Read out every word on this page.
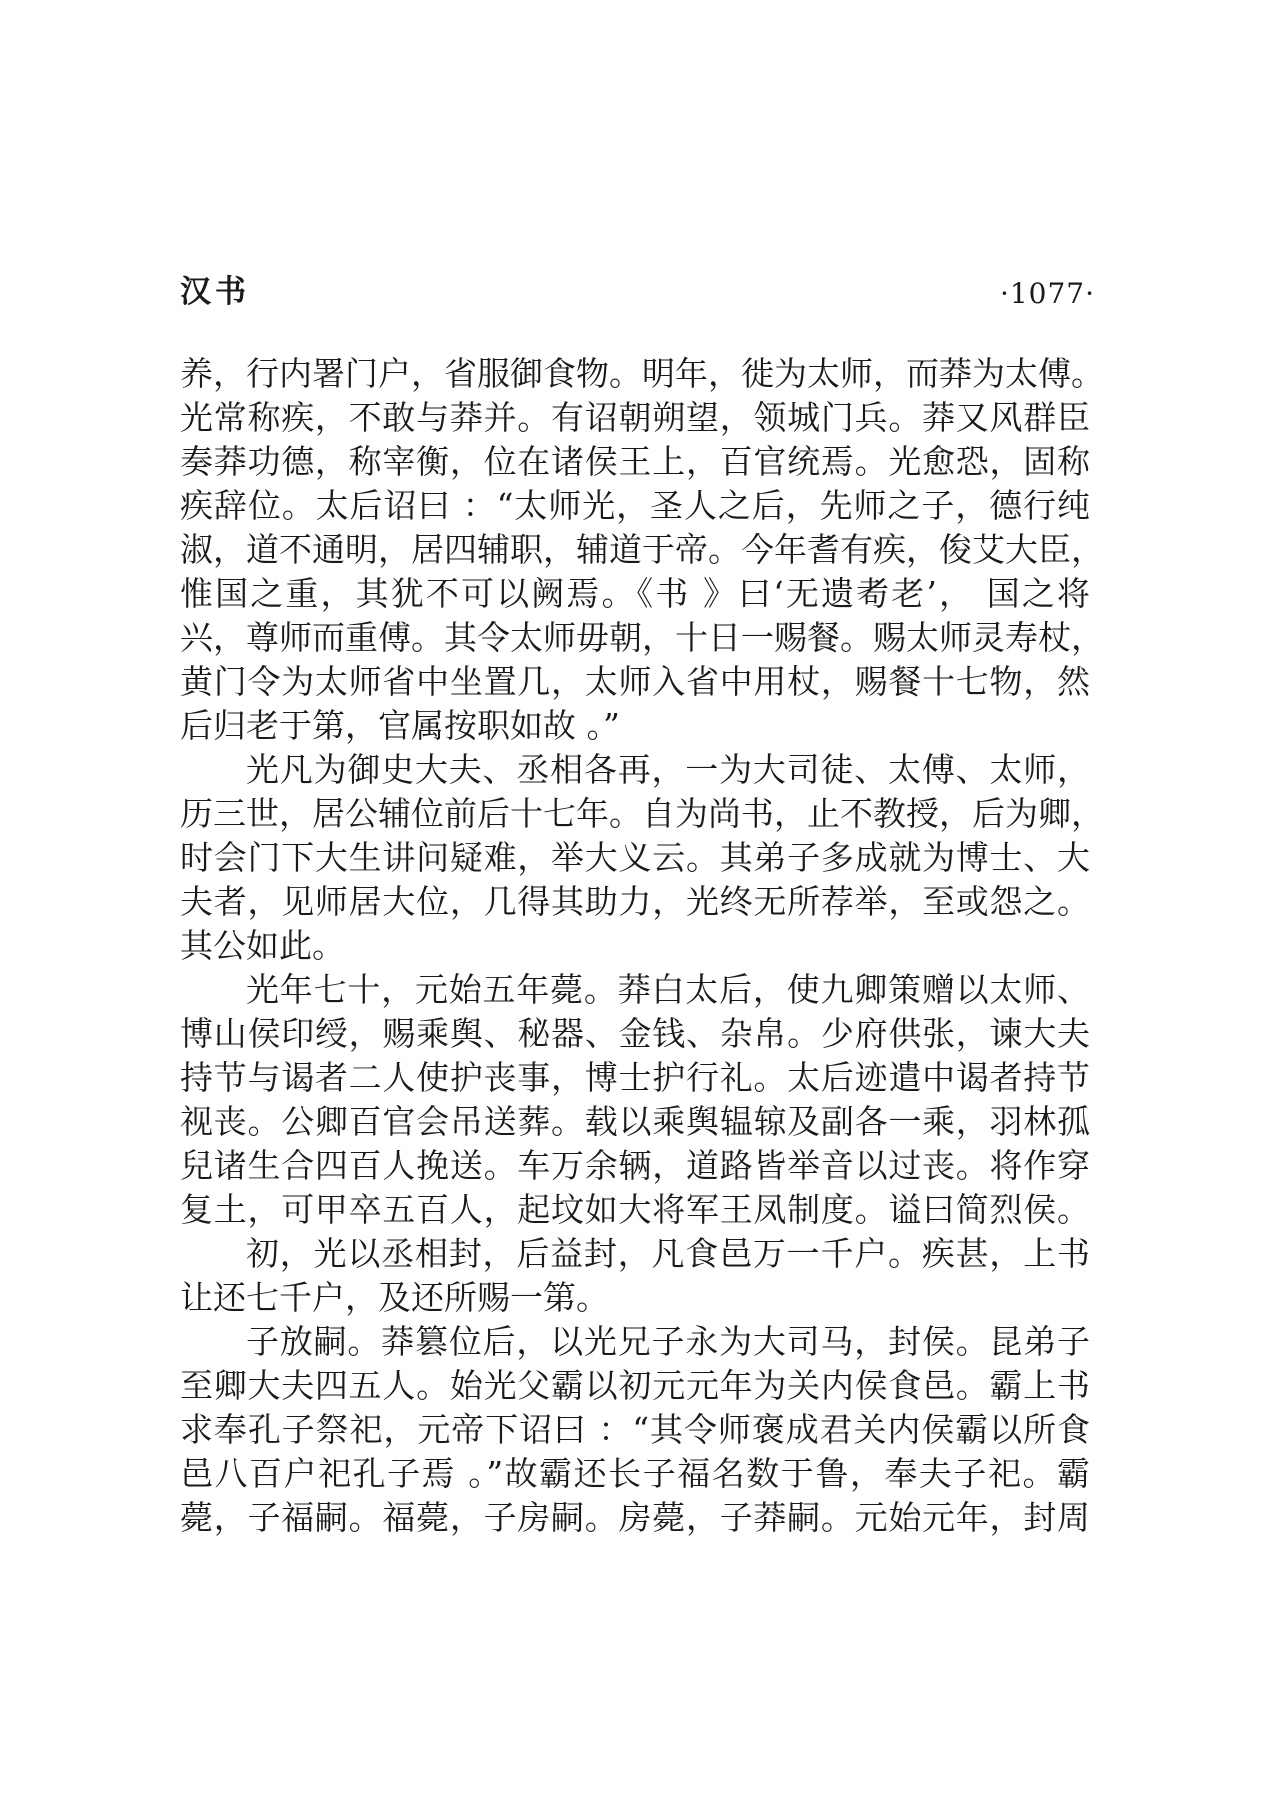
汉书	·1077·
养，行内署门户，省服御食物。明年，徙为太师，而莽为太傅。
光常称疾，不敢与莽并。有诏朝朔望，领城门兵。莽又风群臣
奏莽功德，称宰衡，位在诸侯王上，百官统焉。光愈恐，固称
疾辞位。太后诏曰 ：“太师光，圣人之后，先师之子，德行纯
淑，道不通明，居四辅职，辅道于帝。今年耆有疾，俊艾大臣，
惟国之重，其犹不可以阙焉。《书 》曰‘无遗耇老’， 国之将
兴，尊师而重傅。其令太师毋朝，十日一赐餐。赐太师灵寿杖，
黄门令为太师省中坐置几，太师入省中用杖，赐餐十七物，然
后归老于第，官属按职如故 。”
光凡为御史大夫、丞相各再，一为大司徒、太傅、太师，
历三世，居公辅位前后十七年。自为尚书，止不教授，后为卿，
时会门下大生讲问疑难，举大义云。其弟子多成就为博士、大
夫者，见师居大位，几得其助力，光终无所荐举，至或怨之。
其公如此。
光年七十，元始五年薨。莽白太后，使九卿策赠以太师、
博山侯印绶，赐乘舆、秘器、金钱、杂帛。少府供张，谏大夫
持节与谒者二人使护丧事，博士护行礼。太后迹遣中谒者持节
视丧。公卿百官会吊送葬。载以乘舆辒辌及副各一乘，羽林孤
兒诸生合四百人挽送。车万余辆，道路皆举音以过丧。将作穿
复土，可甲卒五百人，起坟如大将军王凤制度。谥曰简烈侯。
初，光以丞相封，后益封，凡食邑万一千户。疾甚，上书
让还七千户，及还所赐一第。
子放嗣。莽篡位后，以光兄子永为大司马，封侯。昆弟子
至卿大夫四五人。始光父霸以初元元年为关内侯食邑。霸上书
求奉孔子祭祀，元帝下诏曰 ：“其令师褒成君关内侯霸以所食
邑八百户祀孔子焉 。”故霸还长子福名数于鲁，奉夫子祀。霸
薨，子福嗣。福薨，子房嗣。房薨，子莽嗣。元始元年，封周
